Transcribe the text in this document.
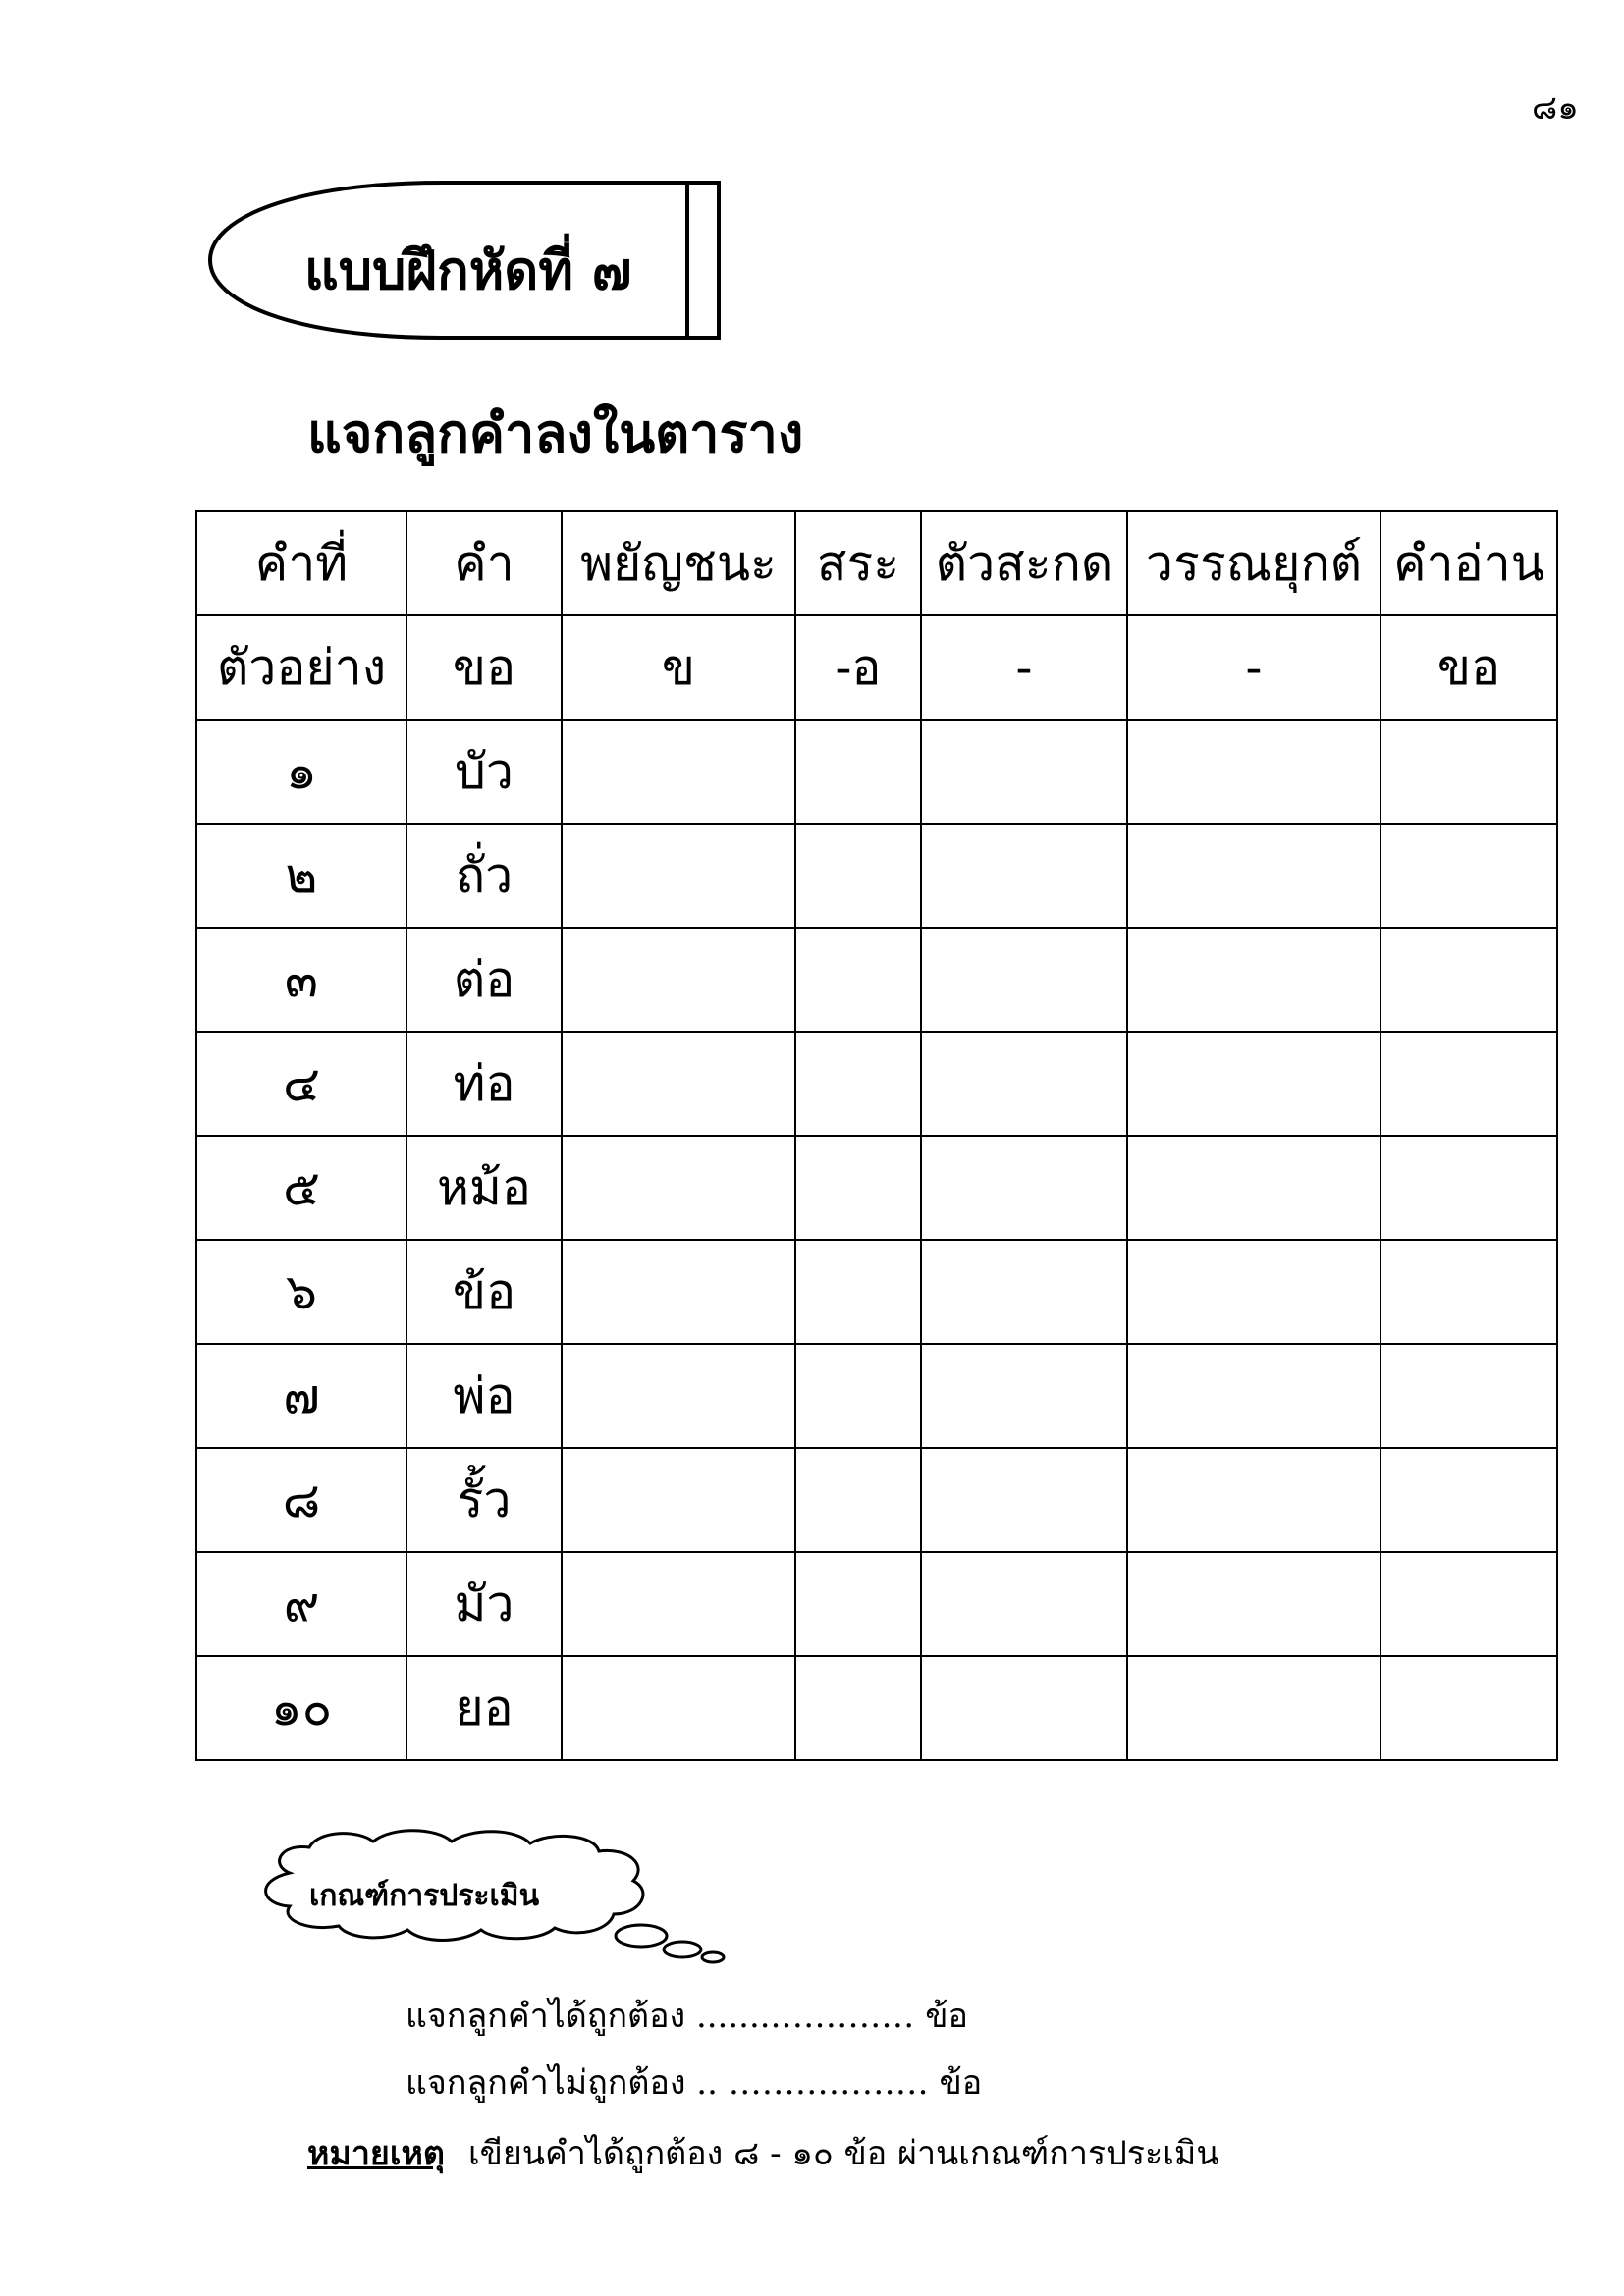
๘๑
แบบฝึกหัดที่ ๗
แจกลูกคำลงในตาราง
คำที่	คำ	พยัญชนะ	สระ	ตัวสะกด	วรรณยุกต์	คำอ่าน
ตัวอย่าง	ขอ	ข	-อ	-	-	ขอ
๑	บัว					
๒	ถั่ว					
๓	ต่อ					
๔	ท่อ					
๕	หม้อ					
๖	ข้อ					
๗	พ่อ					
๘	รั้ว					
๙	มัว					
๑๐	ยอ					
เกณฑ์การประเมิน
แจกลูกคำได้ถูกต้อง ........………… ข้อ
แจกลูกคำไม่ถูกต้อง .. ……………… ข้อ
หมายเหตุ เขียนคำได้ถูกต้อง ๘ - ๑๐ ข้อ ผ่านเกณฑ์การประเมิน
